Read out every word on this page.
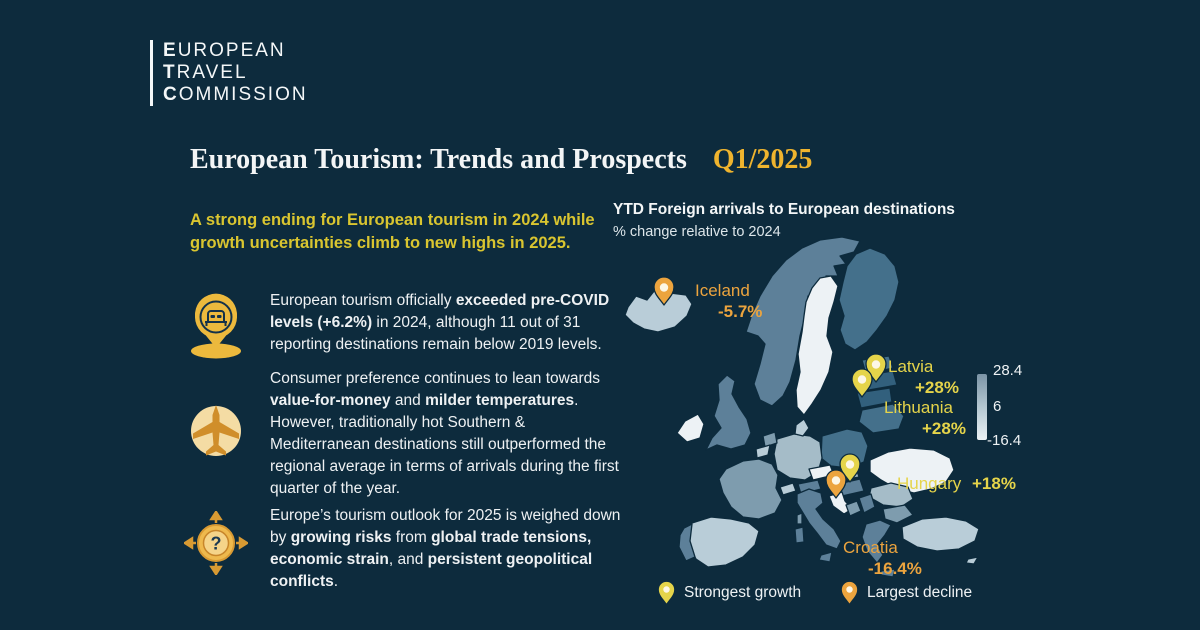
EUROPEAN
TRAVEL
COMMISSION
European Tourism: Trends and Prospects Q1/2025
A strong ending for European tourism in 2024 while growth uncertainties climb to new highs in 2025.
European tourism officially exceeded pre-COVID levels (+6.2%) in 2024, although 11 out of 31 reporting destinations remain below 2019 levels.
Consumer preference continues to lean towards value-for-money and milder temperatures. However, traditionally hot Southern & Mediterranean destinations still outperformed the regional average in terms of arrivals during the first quarter of the year.
?
Europe’s tourism outlook for 2025 is weighed down by growing risks from global trade tensions, economic strain, and persistent geopolitical conflicts.
YTD Foreign arrivals to European destinations
% change relative to 2024
Iceland
-5.7%
Latvia
+28%
Lithuania
+28%
Hungary +18%
Croatia
-16.4%
28.4
6
-16.4
Strongest growth	Largest decline
